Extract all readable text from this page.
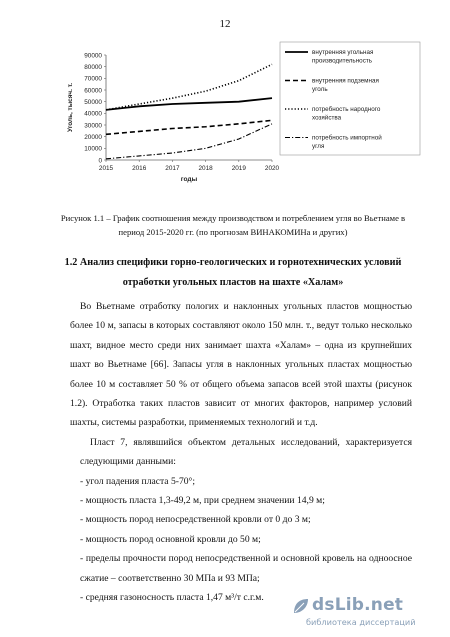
12
0
10000
20000
30000
40000
50000
60000
70000
80000
90000
2015	2016	2017	2018	2019	2020
годы
Уголь, тысяч. т.
внутренняя угольная
производительность
внутренняя подземная
уголь
потребность народного
хозяйства
потребность импортной
угля
Рисунок 1.1 – График соотношения между производством и потреблением угля во Вьетнаме в
период 2015-2020 гг. (по прогнозам ВИНАКОМИНа и других)
1.2 Анализ специфики горно-геологических и горнотехнических условий
отработки угольных пластов на шахте «Халам»

Во Вьетнаме отработку пологих и наклонных угольных пластов мощностью более 10 м, запасы в которых составляют около 150 млн. т., ведут только несколько шахт, видное место среди них занимает шахта «Халам» – одна из крупнейших шахт во Вьетнаме [66]. Запасы угля в наклонных угольных пластах мощностью более 10 м составляет 50 % от общего объема запасов всей этой шахты (рисунок 1.2). Отработка таких пластов зависит от многих факторов, например условий шахты, системы разработки, применяемых технологий и т.д.

Пласт 7, являвшийся объектом детальных исследований, характеризуется следующими данными:

- угол падения пласта 5-70°;

- мощность пласта 1,3-49,2 м, при среднем значении 14,9 м;

- мощность пород непосредственной кровли от 0 до 3 м;

- мощность пород основной кровли до 50 м;

- пределы прочности пород непосредственной и основной кровель на одноосное сжатие – соответственно 30 МПа и 93 МПа;

- средняя газоносность пласта 1,47 м³/т с.г.м.	dsLib.net
библиотека диссертаций
